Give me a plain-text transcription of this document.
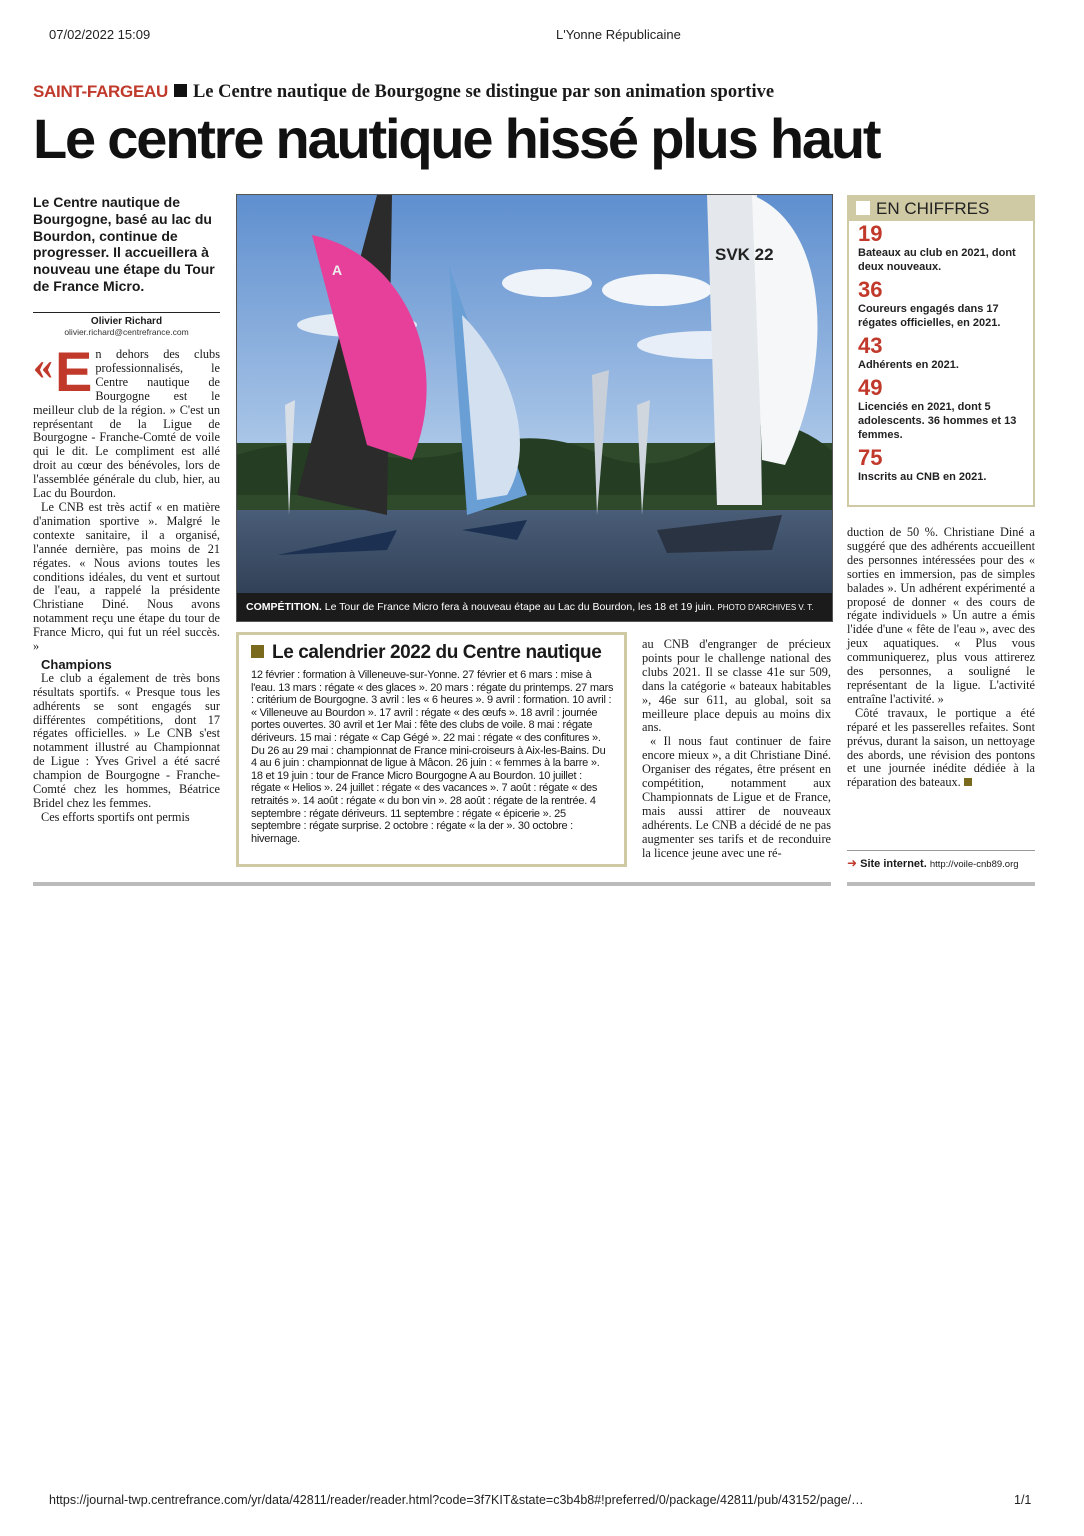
07/02/2022 15:09	L'Yonne Républicaine
SAINT-FARGEAU Le Centre nautique de Bourgogne se distingue par son animation sportive
Le centre nautique hissé plus haut
Le Centre nautique de Bourgogne, basé au lac du Bourdon, continue de progresser. Il accueillera à nouveau une étape du Tour de France Micro.
Olivier Richard
olivier.richard@centrefrance.com

« E n dehors des clubs professionnalisés, le Centre nautique de Bourgogne est le meilleur club de la région. » C'est un représentant de la Ligue de Bourgogne - Franche-Comté de voile qui le dit. Le compliment est allé droit au cœur des bénévoles, lors de l'assemblée générale du club, hier, au Lac du Bourdon.

Le CNB est très actif « en matière d'animation sportive ». Malgré le contexte sanitaire, il a organisé, l'année dernière, pas moins de 21 régates. « Nous avions toutes les conditions idéales, du vent et surtout de l'eau, a rappelé la présidente Christiane Diné. Nous avons notamment reçu une étape du tour de France Micro, qui fut un réel succès. »

Champions

Le club a également de très bons résultats sportifs. « Presque tous les adhérents se sont engagés sur différentes compétitions, dont 17 régates officielles. » Le CNB s'est notamment illustré au Championnat de Ligue : Yves Grivel a été sacré champion de Bourgogne - Franche-Comté chez les hommes, Béatrice Bridel chez les femmes.

Ces efforts sportifs ont permis

SVK 22
A
COMPÉTITION. Le Tour de France Micro fera à nouveau étape au Lac du Bourdon, les 18 et 19 juin. PHOTO D'ARCHIVES V. T.
Le calendrier 2022 du Centre nautique
12 février : formation à Villeneuve-sur-Yonne. 27 février et 6 mars : mise à l'eau. 13 mars : régate « des glaces ». 20 mars : régate du printemps. 27 mars : critérium de Bourgogne. 3 avril : les « 6 heures ». 9 avril : formation. 10 avril : « Villeneuve au Bourdon ». 17 avril : régate « des œufs ». 18 avril : journée portes ouvertes. 30 avril et 1er Mai : fête des clubs de voile. 8 mai : régate dériveurs. 15 mai : régate « Cap Gégé ». 22 mai : régate « des confitures ». Du 26 au 29 mai : championnat de France mini-croiseurs à Aix-les-Bains. Du 4 au 6 juin : championnat de ligue à Mâcon. 26 juin : « femmes à la barre ». 18 et 19 juin : tour de France Micro Bourgogne A au Bourdon. 10 juillet : régate « Helios ». 24 juillet : régate « des vacances ». 7 août : régate « des retraités ». 14 août : régate « du bon vin ». 28 août : régate de la rentrée. 4 septembre : régate dériveurs. 11 septembre : régate « épicerie ». 25 septembre : régate surprise. 2 octobre : régate « la der ». 30 octobre : hivernage.

au CNB d'engranger de précieux points pour le challenge national des clubs 2021. Il se classe 41e sur 509, dans la catégorie « bateaux habitables », 46e sur 611, au global, soit sa meilleure place depuis au moins dix ans.

« Il nous faut continuer de faire encore mieux », a dit Christiane Diné. Organiser des régates, être présent en compétition, notamment aux Championnats de Ligue et de France, mais aussi attirer de nouveaux adhérents. Le CNB a décidé de ne pas augmenter ses tarifs et de reconduire la licence jeune avec une ré-

EN CHIFFRES
19
Bateaux au club en 2021, dont deux nouveaux.
36
Coureurs engagés dans 17 régates officielles, en 2021.
43
Adhérents en 2021.
49
Licenciés en 2021, dont 5 adolescents. 36 hommes et 13 femmes.
75
Inscrits au CNB en 2021.

duction de 50 %. Christiane Diné a suggéré que des adhérents accueillent des personnes intéressées pour des « sorties en immersion, pas de simples balades ». Un adhérent expérimenté a proposé de donner « des cours de régate individuels » Un autre a émis l'idée d'une « fête de l'eau », avec des jeux aquatiques. « Plus vous communiquerez, plus vous attirerez des personnes, a souligné le représentant de la ligue. L'activité entraîne l'activité. »

Côté travaux, le portique a été réparé et les passerelles refaites. Sont prévus, durant la saison, un nettoyage des abords, une révision des pontons et une journée inédite dédiée à la réparation des bateaux.

➜ Site internet. http://voile-cnb89.org
https://journal-twp.centrefrance.com/yr/data/42811/reader/reader.html?code=3f7KIT&state=c3b4b8#!preferred/0/package/42811/pub/43152/page/…	1/1
